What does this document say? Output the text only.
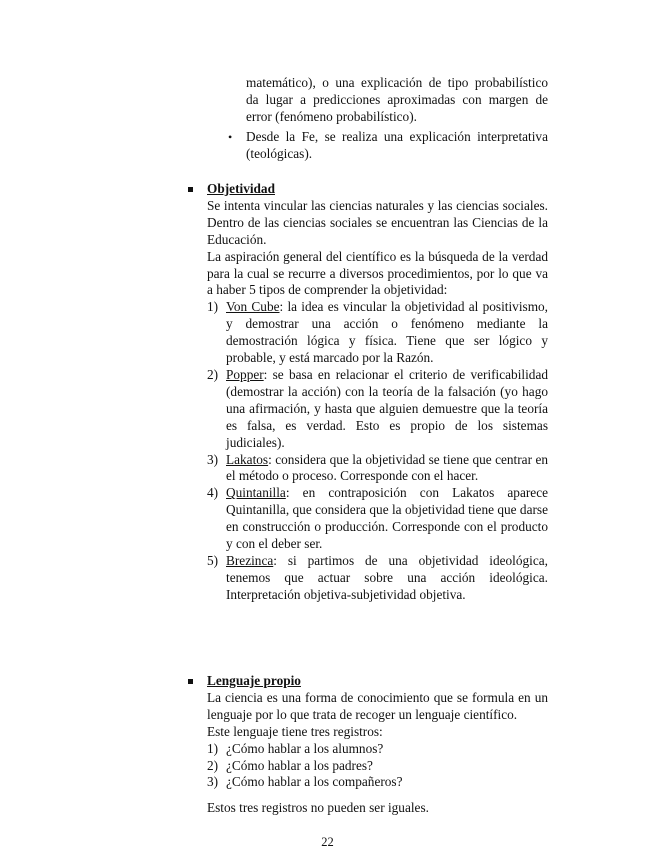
matemático), o una explicación de tipo probabilístico

da lugar a predicciones aproximadas con margen de

error (fenómeno probabilístico).

• Desde la Fe, se realiza una explicación interpretativa

(teológicas).

Objetividad

Se intenta vincular las ciencias naturales y las ciencias sociales. Dentro de las ciencias sociales se encuentran las Ciencias de la Educación.

La aspiración general del científico es la búsqueda de la verdad para la cual se recurre a diversos procedimientos, por lo que va a haber 5 tipos de comprender la objetividad:

1) Von Cube: la idea es vincular la objetividad al positivismo, y demostrar una acción o fenómeno mediante la demostración lógica y física. Tiene que ser lógico y probable, y está marcado por la Razón.

2) Popper: se basa en relacionar el criterio de verificabilidad (demostrar la acción) con la teoría de la falsación (yo hago una afirmación, y hasta que alguien demuestre que la teoría es falsa, es verdad. Esto es propio de los sistemas judiciales).

3) Lakatos: considera que la objetividad se tiene que centrar en el método o proceso. Corresponde con el hacer.

4) Quintanilla: en contraposición con Lakatos aparece Quintanilla, que considera que la objetividad tiene que darse en construcción o producción. Corresponde con el producto y con el deber ser.

5) Brezinca: si partimos de una objetividad ideológica, tenemos que actuar sobre una acción ideológica. Interpretación objetiva-subjetividad objetiva.

Lenguaje propio

La ciencia es una forma de conocimiento que se formula en un lenguaje por lo que trata de recoger un lenguaje científico.

Este lenguaje tiene tres registros:

1) ¿Cómo hablar a los alumnos?

2) ¿Cómo hablar a los padres?

3) ¿Cómo hablar a los compañeros?

Estos tres registros no pueden ser iguales.

22
